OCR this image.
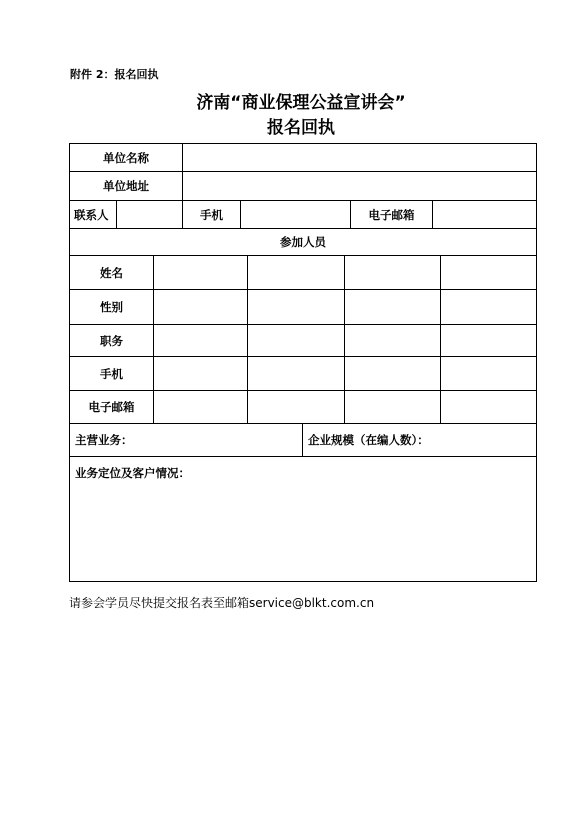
附件 2：报名回执
济南“商业保理公益宣讲会”
报名回执
单位名称
单位地址
联系人	手机	电子邮箱
参加人员
姓名
性别
职务
手机
电子邮箱
主营业务：	企业规模（在编人数）：
业务定位及客户情况：
请参会学员尽快提交报名表至邮箱service@blkt.com.cn
